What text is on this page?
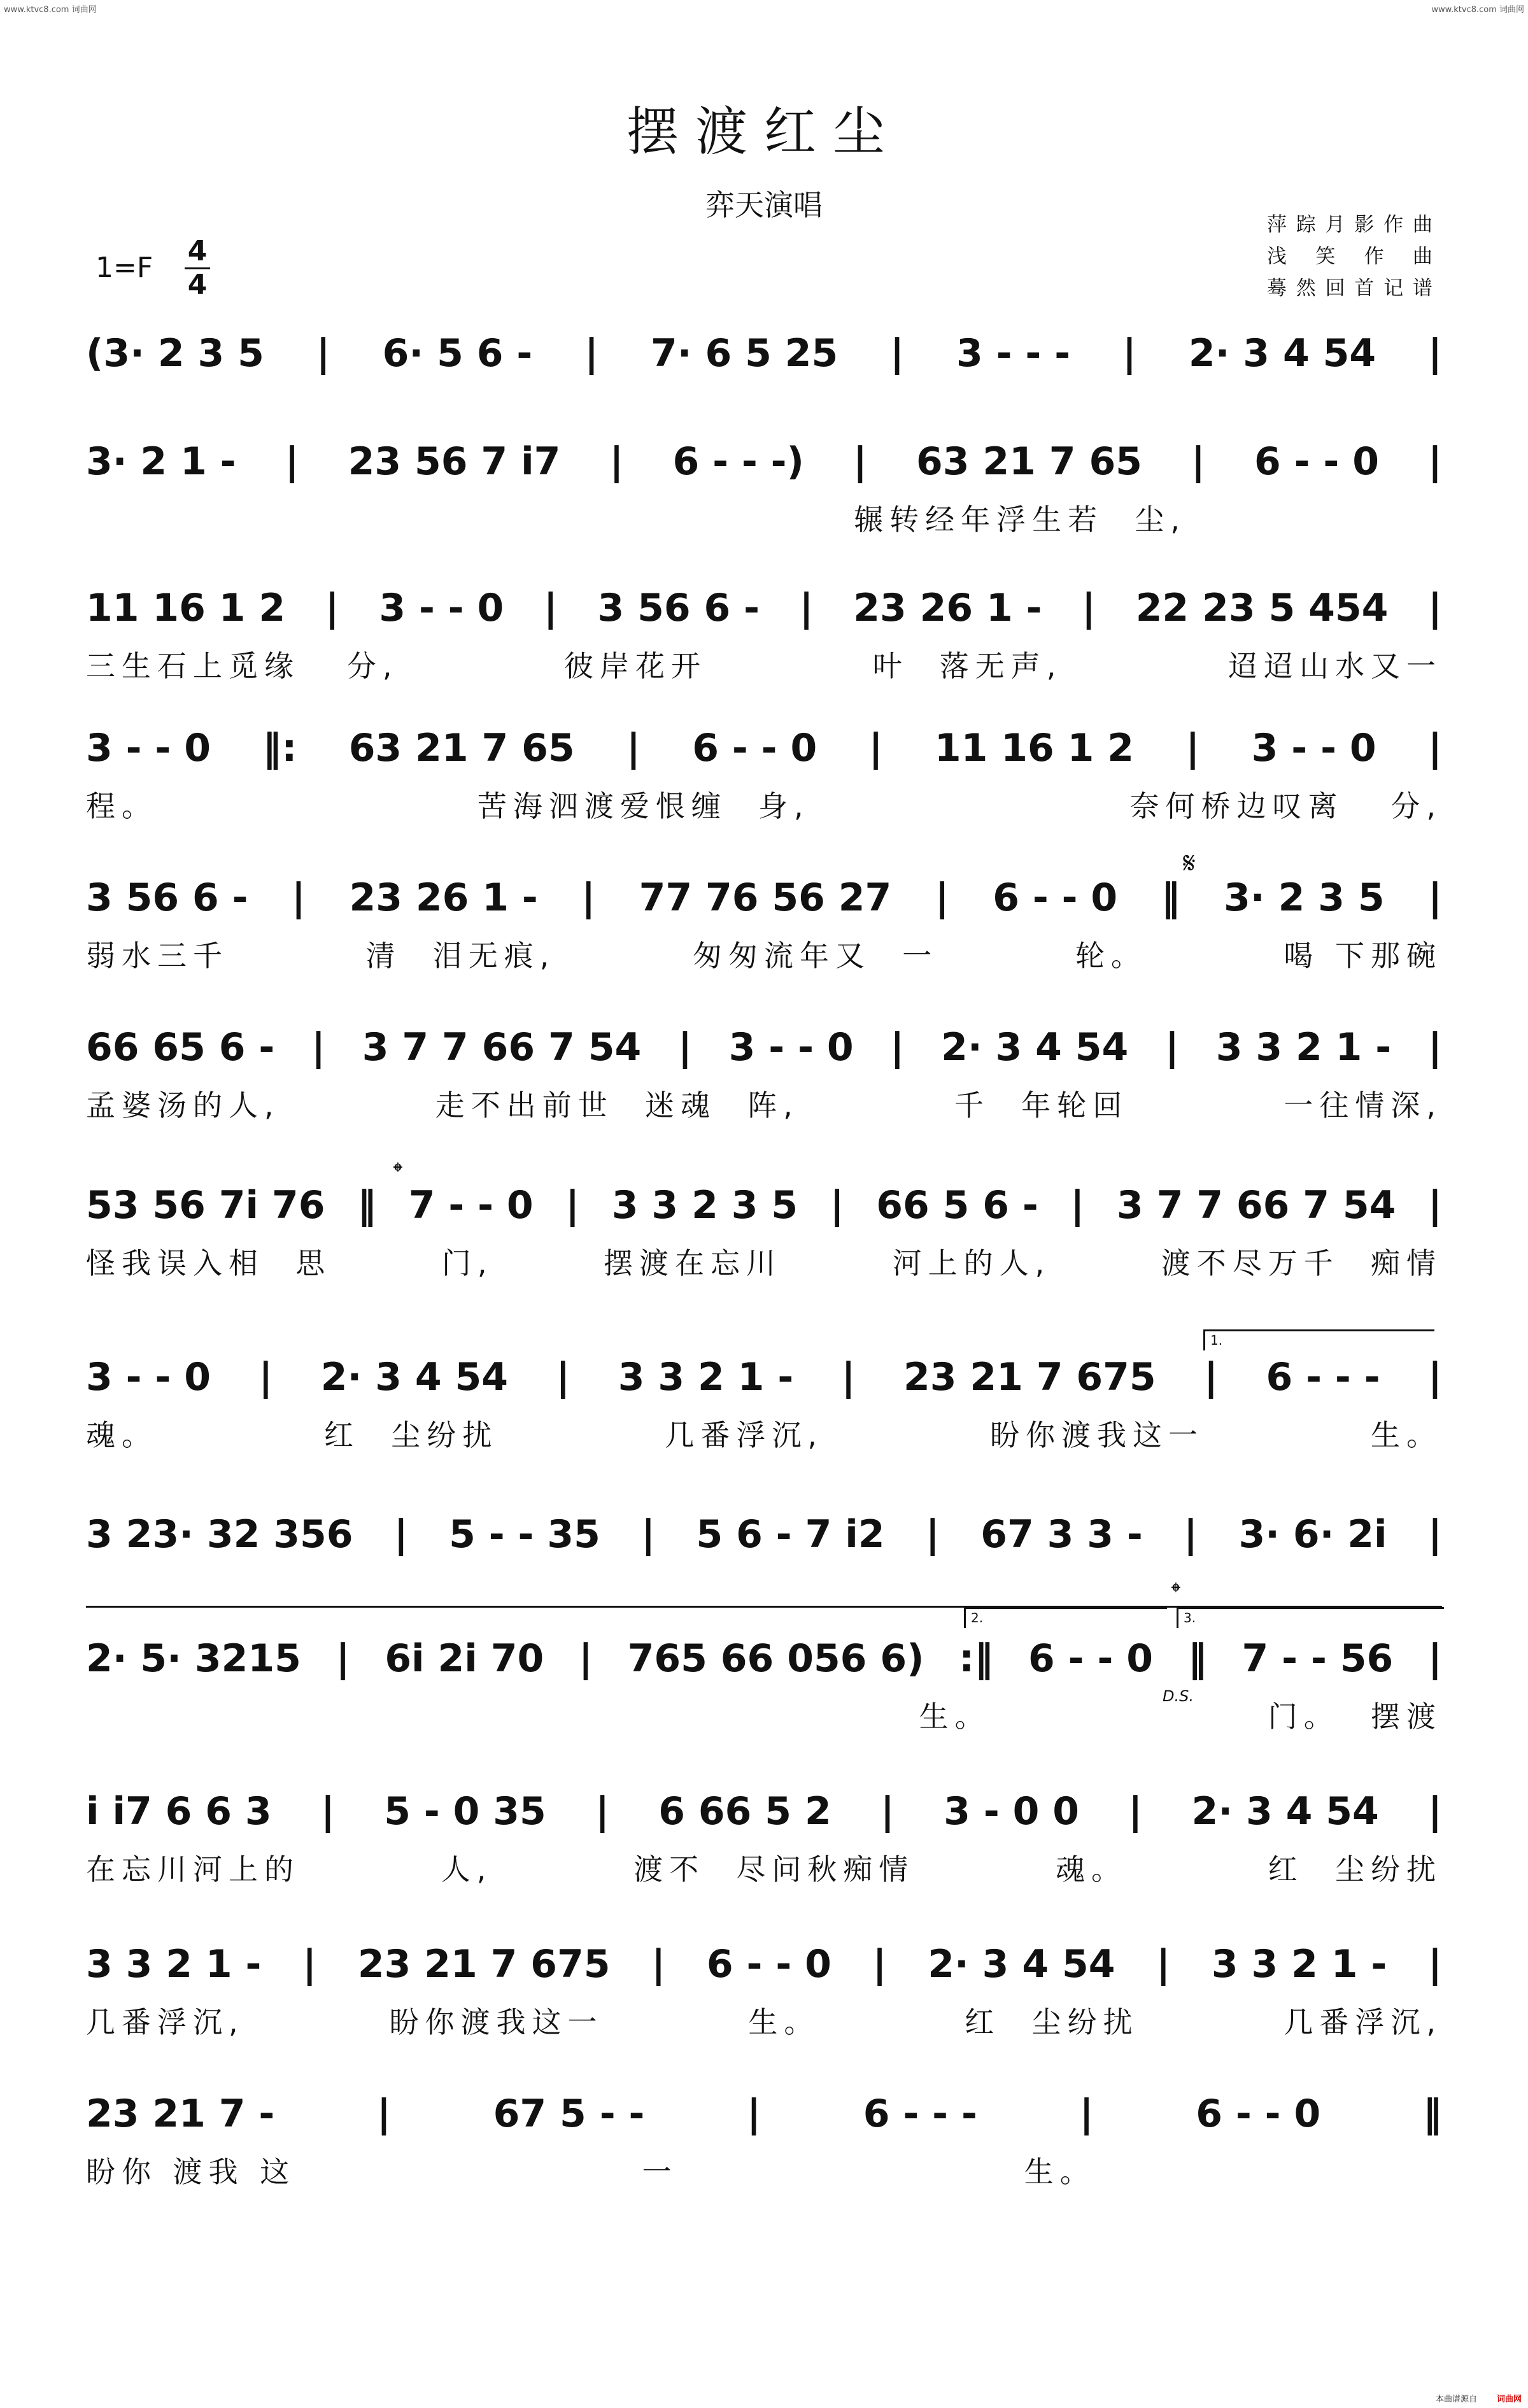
www.ktvc8.com 词曲网	www.ktvc8.com 词曲网
摆渡红尘
弈天演唱
萍踪月影作曲
浅 笑 作 曲
蓦然回首记谱
$1=F \frac{4}{4}$
(3· 2 3 5 | 6· 5 6 - | 7· 6 5 25 | 3 - - - | 2· 3 4 54 |
3· 2 1 - | 23 56 7 i7 | 6 - - -) | 63 21 7 65 | 6 - - 0 |
辗转经年浮生若  尘,
11 16 1 2 | 3 - - 0 | 3 56 6 - | 23 26 1 - | 22 23 5 454 |
三生石上觅缘   分,	彼岸花开	叶  落无声,	迢迢山水又一
3 - - 0 ‖: 63 21 7 65 | 6 - - 0 | 11 16 1 2 | 3 - - 0 |
程。	苦海泗渡爱恨缠  身,	奈何桥边叹离   分,
3 56 6 - | 23 26 1 - | 77 76 56 27 | 6 - - 0 ‖ 3· 2 3 5 |
弱水三千	清  泪无痕,	匆匆流年又  一	轮。	喝 下那碗
66 65 6 - | 3 7 7 66 7 54 | 3 - - 0 | 2· 3 4 54 | 3 3 2 1 - |
孟婆汤的人,	走不出前世  迷魂  阵,	千  年轮回	一往情深,
53 56 7i 76 ‖ 7 - - 0 | 3 3 2 3 5 | 66 5 6 - | 3 7 7 66 7 54 |
怪我误入相  思	门,	摆渡在忘川	河上的人,	渡不尽万千  痴情
3 - - 0 | 2· 3 4 54 | 3 3 2 1 - | 23 21 7 675 | 6 - - - |
魂。	红  尘纷扰	几番浮沉,	盼你渡我这一	生。
3 23· 32 356 | 5 - - 35 | 5 6 - 7 i2 | 67 3 3 - | 3· 6· 2i |
2· 5· 3215 | 6i 2i 70 | 765 66 056 6) :‖ 6 - - 0 ‖ 7 - - 56 |
生。	门。  摆渡
i i7 6 6 3 | 5 - 0 35 | 6 66 5 2 | 3 - 0 0 | 2· 3 4 54 |
在忘川河上的	人,	渡不  尽问秋痴情	魂。	红  尘纷扰
3 3 2 1 - | 23 21 7 675 | 6 - - 0 | 2· 3 4 54 | 3 3 2 1 - |
几番浮沉,	盼你渡我这一	生。	红  尘纷扰	几番浮沉,
23 21 7 -	|	67 5 - -	|	6 - - -	|	6 - - 0	‖
盼你 渡我 这	一	生。
𝄋
𝄌
𝄌
D.S.
1.
2.	3.
本曲谱源自 词曲网
